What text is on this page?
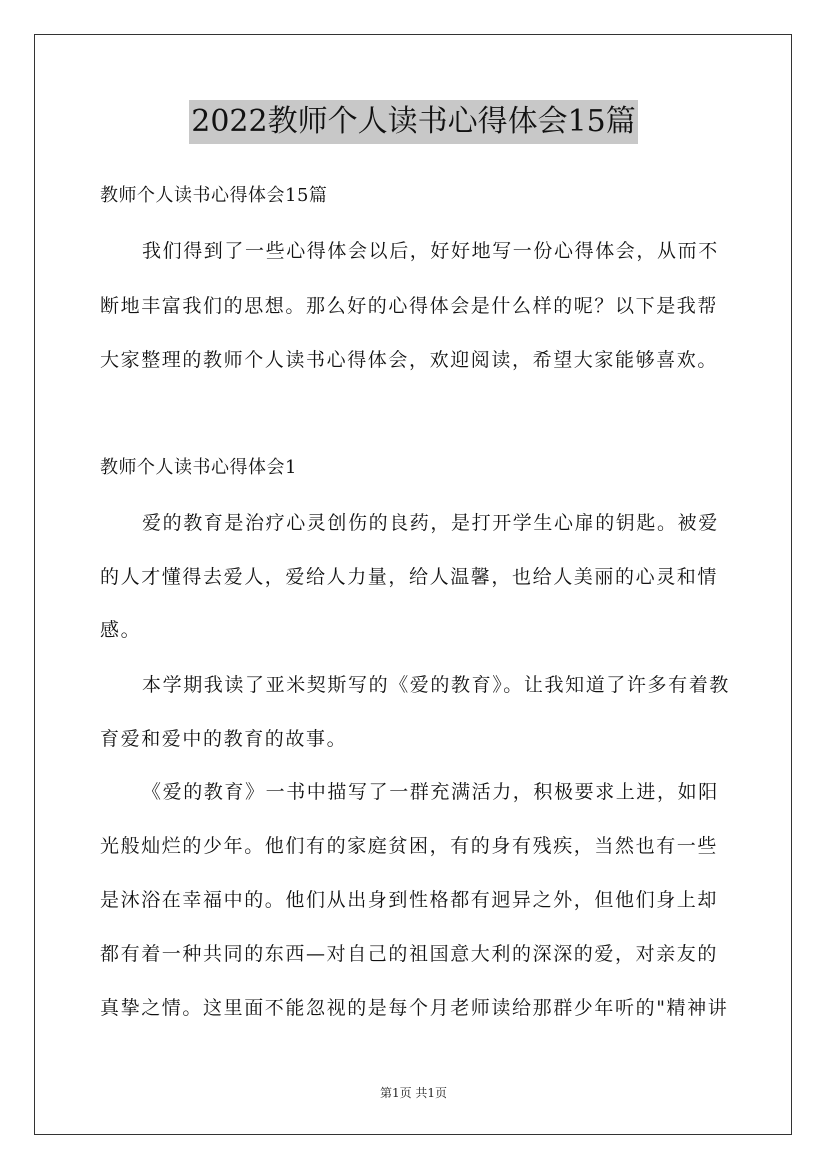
2022教师个人读书心得体会15篇
教师个人读书心得体会15篇
我们得到了一些心得体会以后，好好地写一份心得体会，从而不
断地丰富我们的思想。那么好的心得体会是什么样的呢？以下是我帮
大家整理的教师个人读书心得体会，欢迎阅读，希望大家能够喜欢。
教师个人读书心得体会1
爱的教育是治疗心灵创伤的良药，是打开学生心扉的钥匙。被爱
的人才懂得去爱人，爱给人力量，给人温馨，也给人美丽的心灵和情
感。
本学期我读了亚米契斯写的《爱的教育》。让我知道了许多有着教
育爱和爱中的教育的故事。
《爱的教育》一书中描写了一群充满活力，积极要求上进，如阳
光般灿烂的少年。他们有的家庭贫困，有的身有残疾，当然也有一些
是沐浴在幸福中的。他们从出身到性格都有迥异之外，但他们身上却
都有着一种共同的东西—对自己的祖国意大利的深深的爱，对亲友的
真挚之情。这里面不能忽视的是每个月老师读给那群少年听的"精神讲
第1页 共1页
